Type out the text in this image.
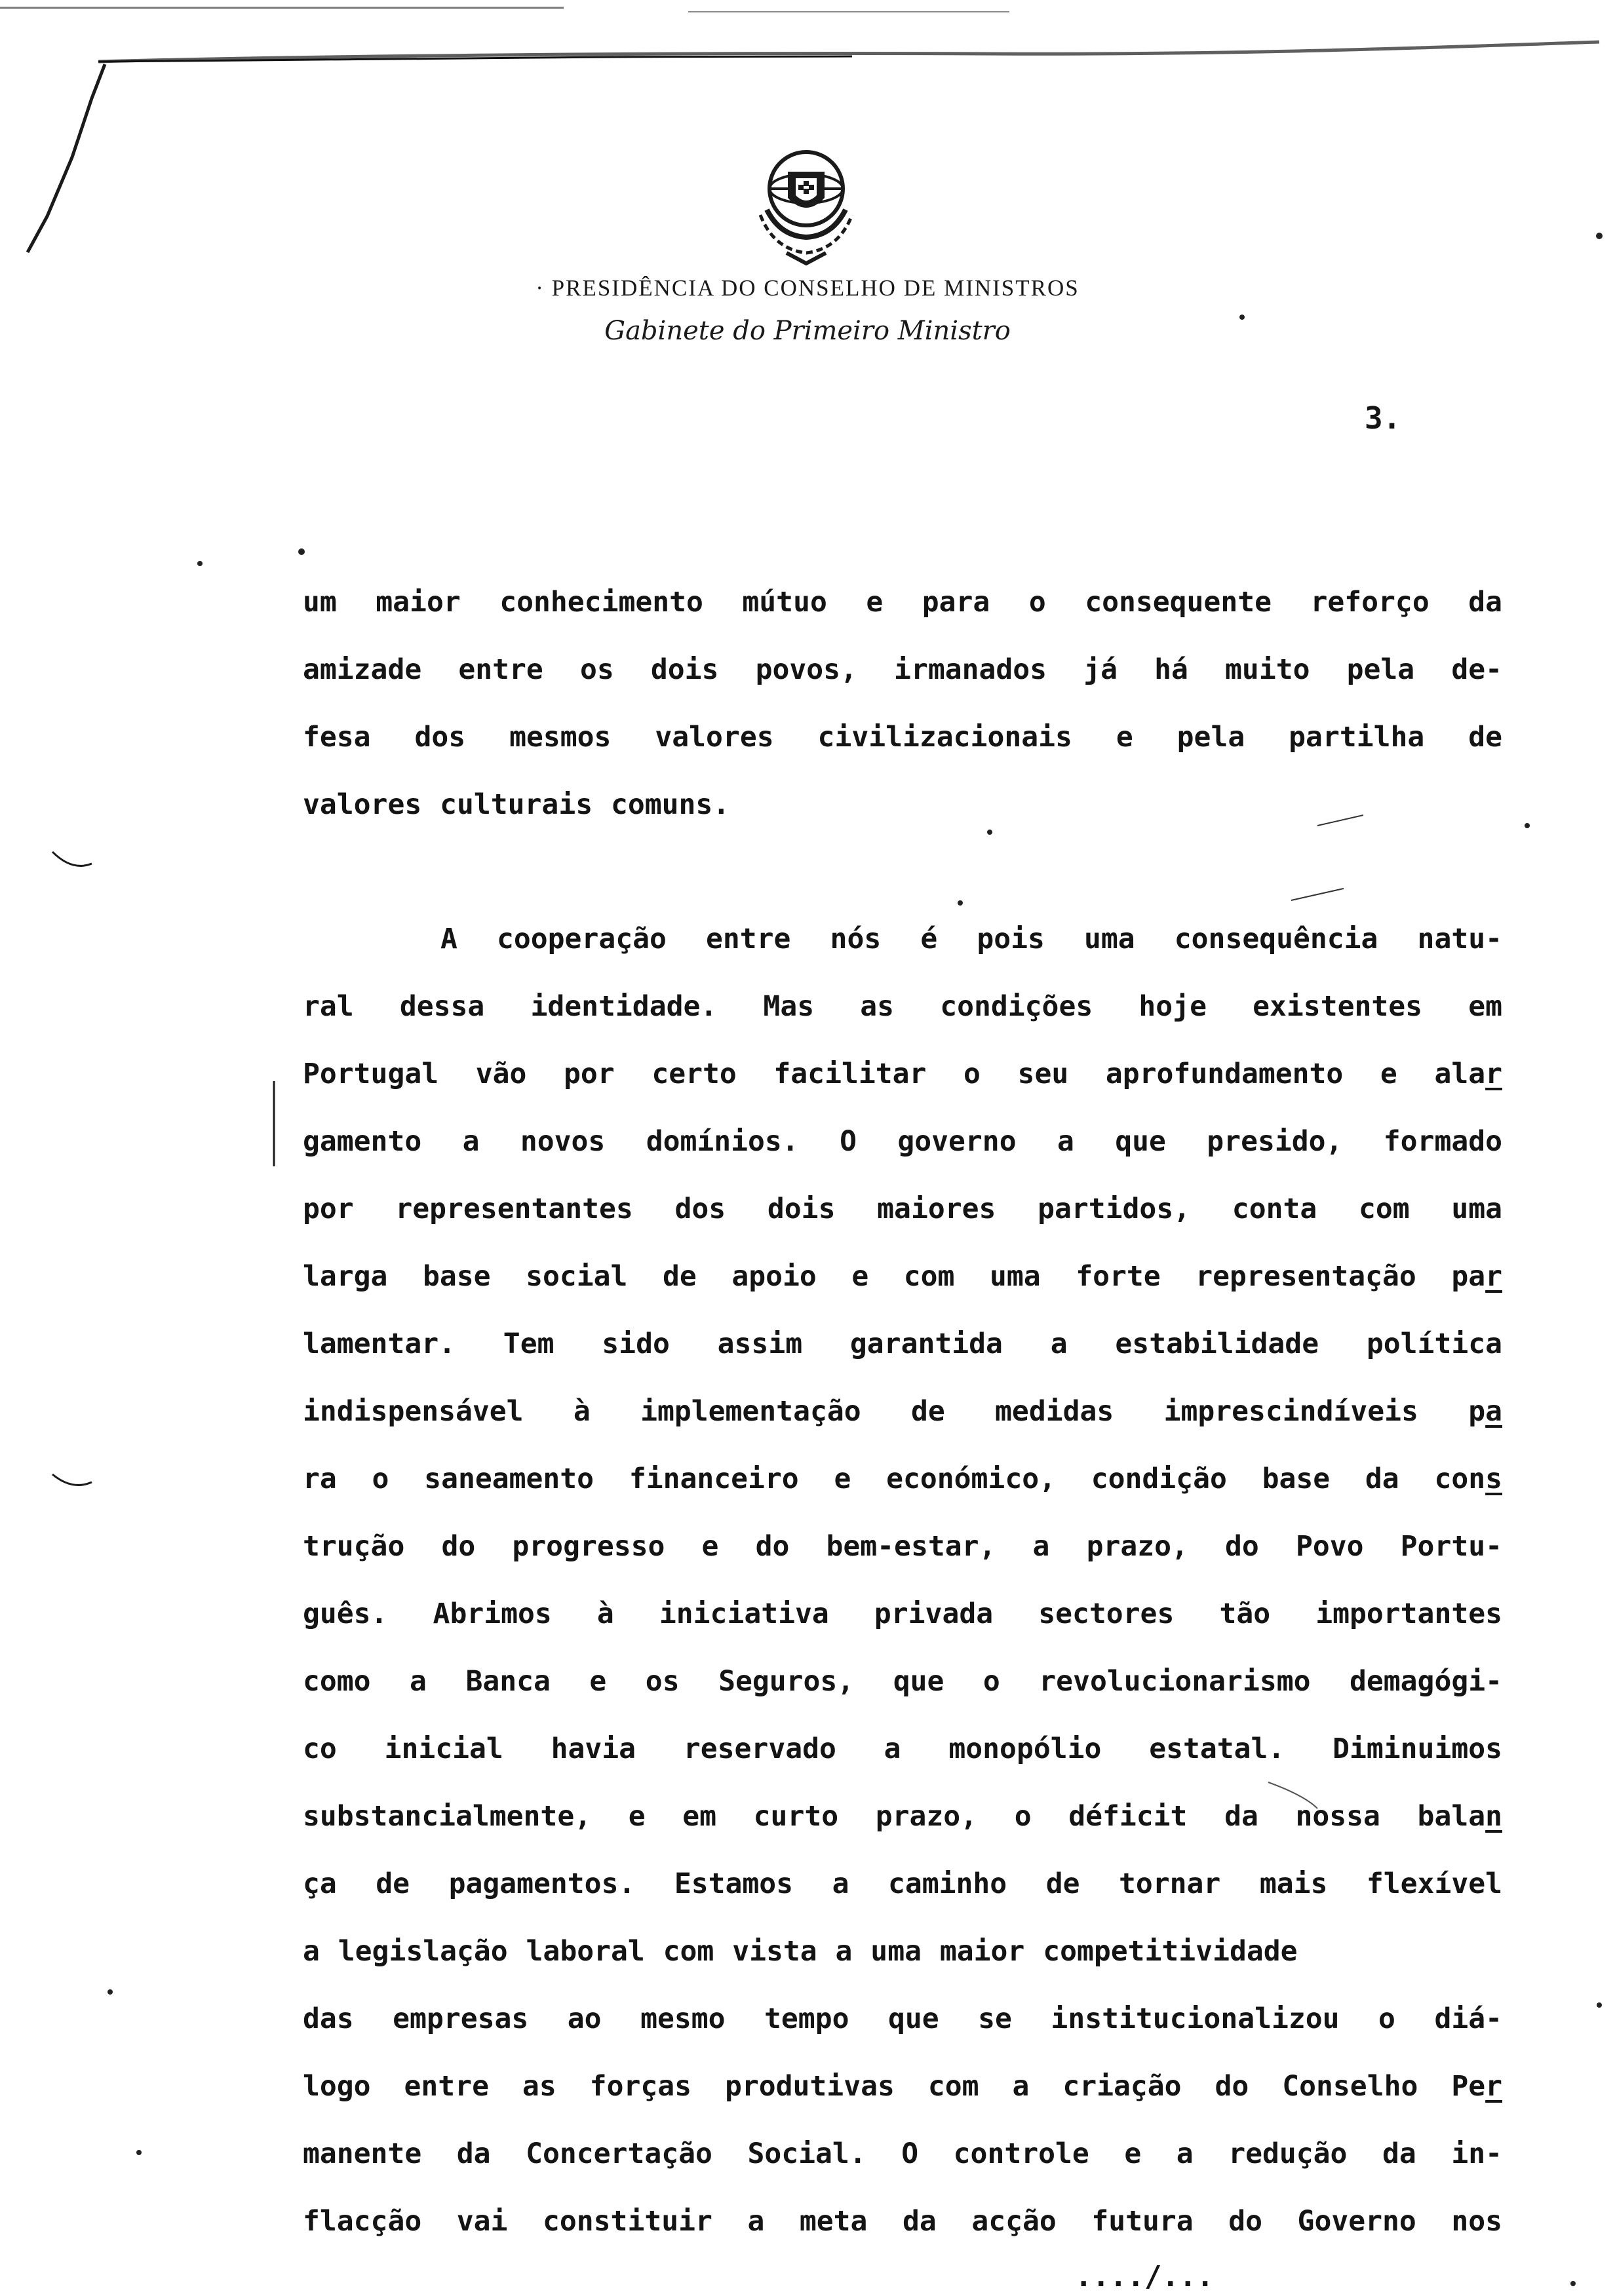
· PRESIDÊNCIA DO CONSELHO DE MINISTROS
Gabinete do Primeiro Ministro
3.
um maior conhecimento mútuo e para o consequente reforço da
amizade entre os dois povos, irmanados já há muito pela de-
fesa dos mesmos valores civilizacionais e pela partilha de
valores culturais comuns.
A cooperação entre nós é pois uma consequência natu-
ral dessa identidade. Mas as condições hoje existentes em
Portugal vão por certo facilitar o seu aprofundamento e alar
gamento a novos domínios. O governo a que presido, formado
por representantes dos dois maiores partidos, conta com uma
larga base social de apoio e com uma forte representação par
lamentar. Tem sido assim garantida a estabilidade política
indispensável à implementação de medidas imprescindíveis pa
ra o saneamento financeiro e económico, condição base da cons
trução do progresso e do bem-estar, a prazo, do Povo Portu-
guês. Abrimos à iniciativa privada sectores tão importantes
como a Banca e os Seguros, que o revolucionarismo demagógi-
co inicial havia reservado a monopólio estatal. Diminuimos
substancialmente, e em curto prazo, o déficit da nossa balan
ça de pagamentos. Estamos a caminho de tornar mais flexível
a legislação laboral com vista a uma maior competitividade
das empresas ao mesmo tempo que se institucionalizou o diá-
logo entre as forças produtivas com a criação do Conselho Per
manente da Concertação Social. O controle e a redução da in-
flacção vai constituir a meta da acção futura do Governo nos
..../...
